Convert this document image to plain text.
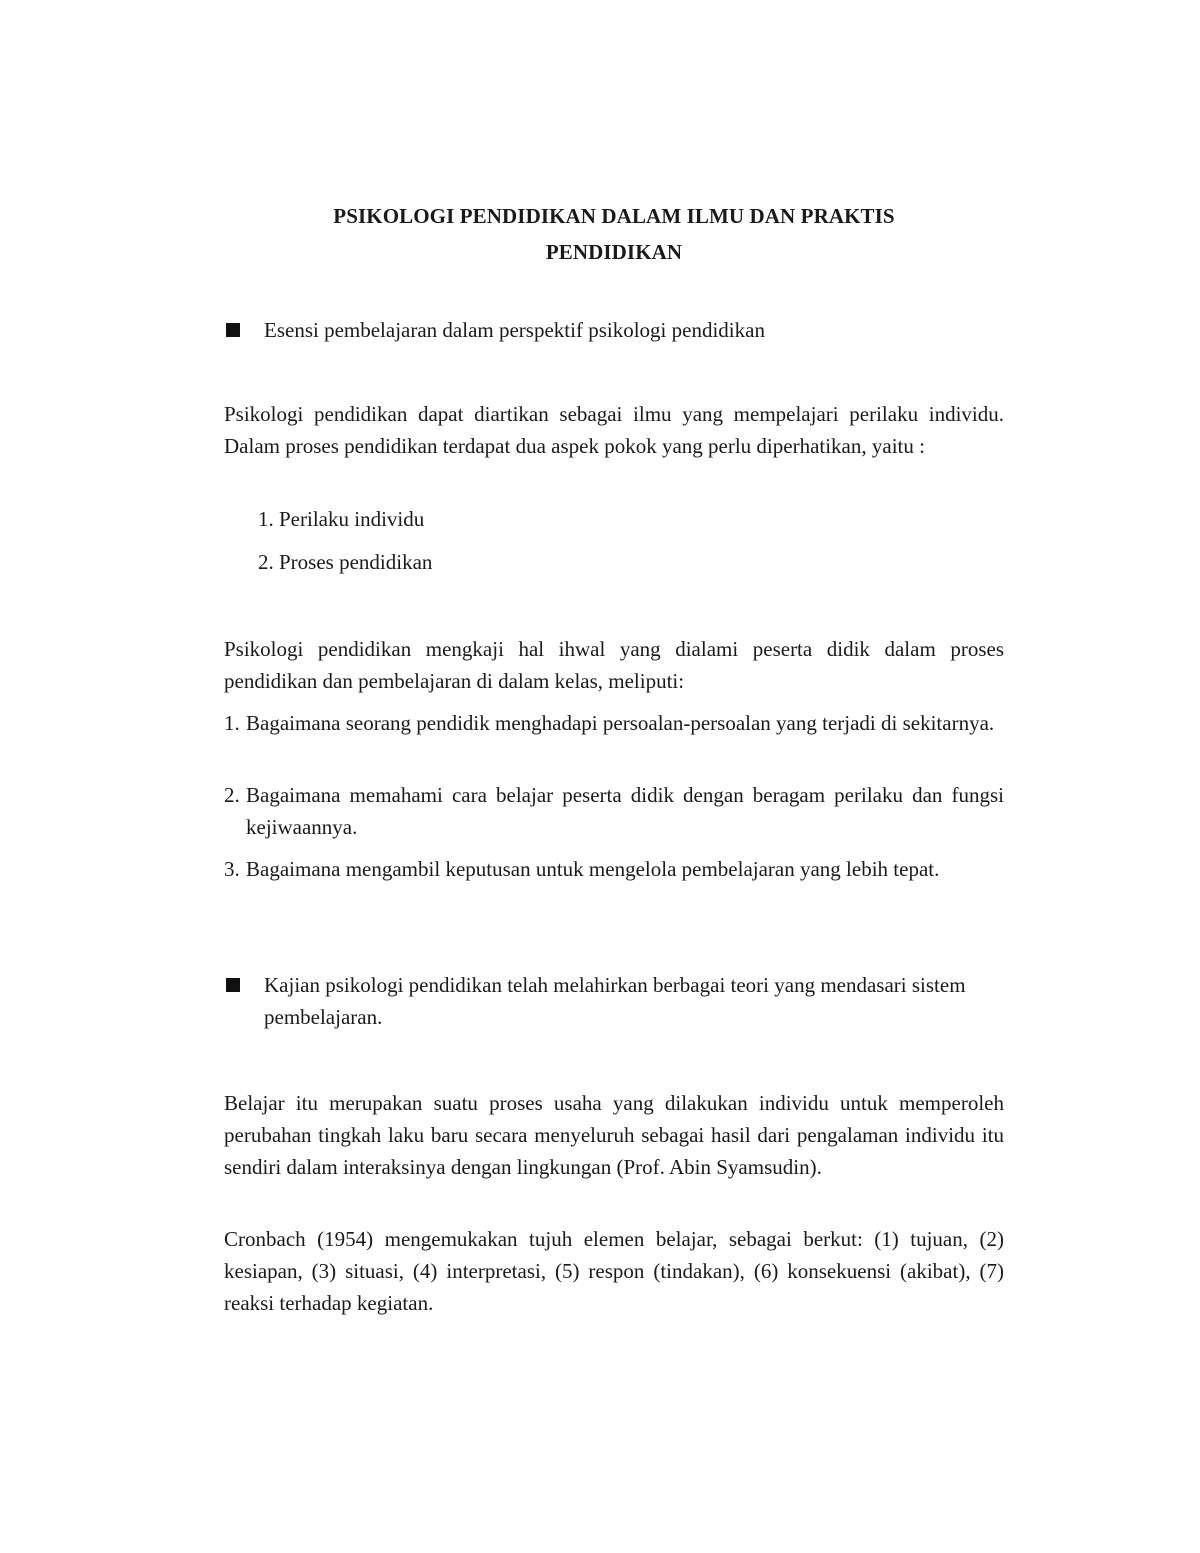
PSIKOLOGI PENDIDIKAN DALAM ILMU DAN PRAKTIS
PENDIDIKAN
Esensi pembelajaran dalam perspektif psikologi pendidikan

Psikologi pendidikan dapat diartikan sebagai ilmu yang mempelajari perilaku individu. Dalam proses pendidikan terdapat dua aspek pokok yang perlu diperhatikan, yaitu :

1. Perilaku individu
2. Proses pendidikan

Psikologi pendidikan mengkaji hal ihwal yang dialami peserta didik dalam proses pendidikan dan pembelajaran di dalam kelas, meliputi:

1. Bagaimana seorang pendidik menghadapi persoalan-persoalan yang terjadi di sekitarnya.
2. Bagaimana memahami cara belajar peserta didik dengan beragam perilaku dan fungsi kejiwaannya.
3. Bagaimana mengambil keputusan untuk mengelola pembelajaran yang lebih tepat.
Kajian psikologi pendidikan telah melahirkan berbagai teori yang mendasari sistem pembelajaran.

Belajar itu merupakan suatu proses usaha yang dilakukan individu untuk memperoleh perubahan tingkah laku baru secara menyeluruh sebagai hasil dari pengalaman individu itu sendiri dalam interaksinya dengan lingkungan (Prof. Abin Syamsudin).

Cronbach (1954) mengemukakan tujuh elemen belajar, sebagai berkut: (1) tujuan, (2) kesiapan, (3) situasi, (4) interpretasi, (5) respon (tindakan), (6) konsekuensi (akibat), (7) reaksi terhadap kegiatan.
